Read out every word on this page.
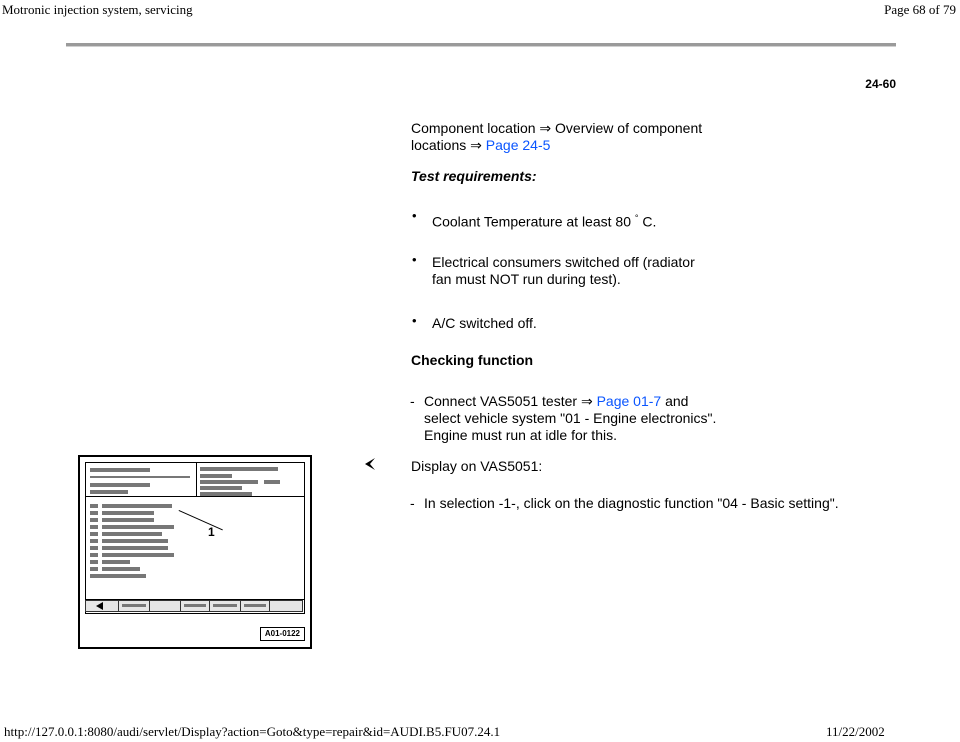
Motronic injection system, servicing	Page 68 of 79
24-60
Component location ⇒ Overview of component
locations ⇒ Page 24-5
Test requirements:
• Coolant Temperature at least 80 ° C.
• Electrical consumers switched off (radiator
fan must NOT run during test).
• A/C switched off.
Checking function
- Connect VAS5051 tester ⇒ Page 01-7 and
select vehicle system "01 - Engine electronics".
Engine must run at idle for this.
Display on VAS5051:
- In selection -1-, click on the diagnostic function "04 - Basic setting".
1
A01-0122
http://127.0.0.1:8080/audi/servlet/Display?action=Goto&type=repair&id=AUDI.B5.FU07.24.1	11/22/2002
